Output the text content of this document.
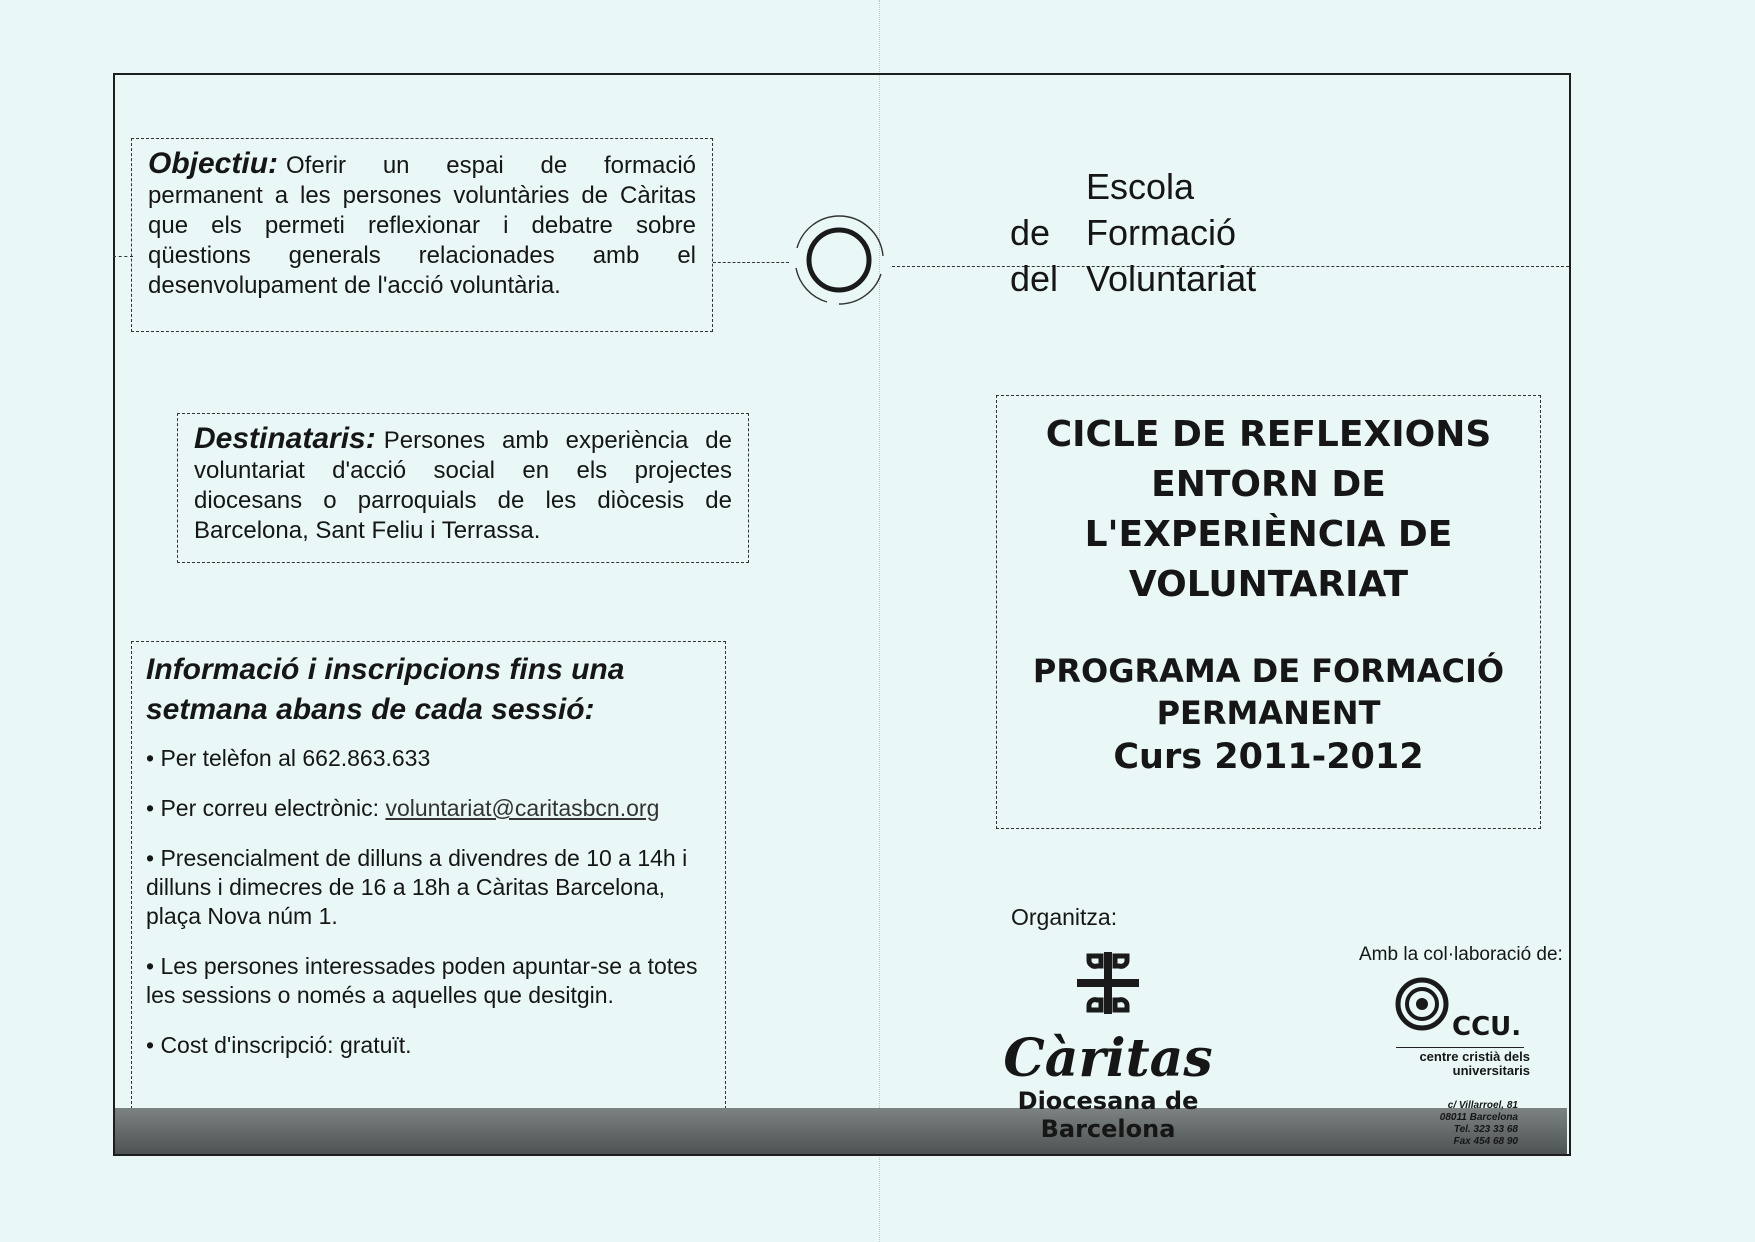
Objectiu: Oferir un espai de formació permanent a les persones voluntàries de Càritas que els permeti reflexionar i debatre sobre qüestions generals relacionades amb el desenvolupament de l'acció voluntària.

Escola
de Formació
del Voluntariat

Destinataris: Persones amb experiència de voluntariat d'acció social en els projectes diocesans o parroquials de les diòcesis de Barcelona, Sant Feliu i Terrassa.

CICLE DE REFLEXIONS

ENTORN DE

L'EXPERIÈNCIA DE

VOLUNTARIAT

PROGRAMA DE FORMACIÓ

PERMANENT

Curs 2011-2012

Informació i inscripcions fins una setmana abans de cada sessió:

• Per telèfon al 662.863.633

• Per correu electrònic: voluntariat@caritasbcn.org

• Presencialment de dilluns a divendres de 10 a 14h i dilluns i dimecres de 16 a 18h a Càritas Barcelona, plaça Nova núm 1.

• Les persones interessades poden apuntar-se a totes les sessions o només a aquelles que desitgin.

• Cost d'inscripció: gratuït.

Organitza:
Càritas
Diocesana de
Barcelona
Amb la col·laboració de:
CCU.
centre cristià dels
universitaris
c/ Villarroel, 81
08011 Barcelona
Tel. 323 33 68
Fax 454 68 90
